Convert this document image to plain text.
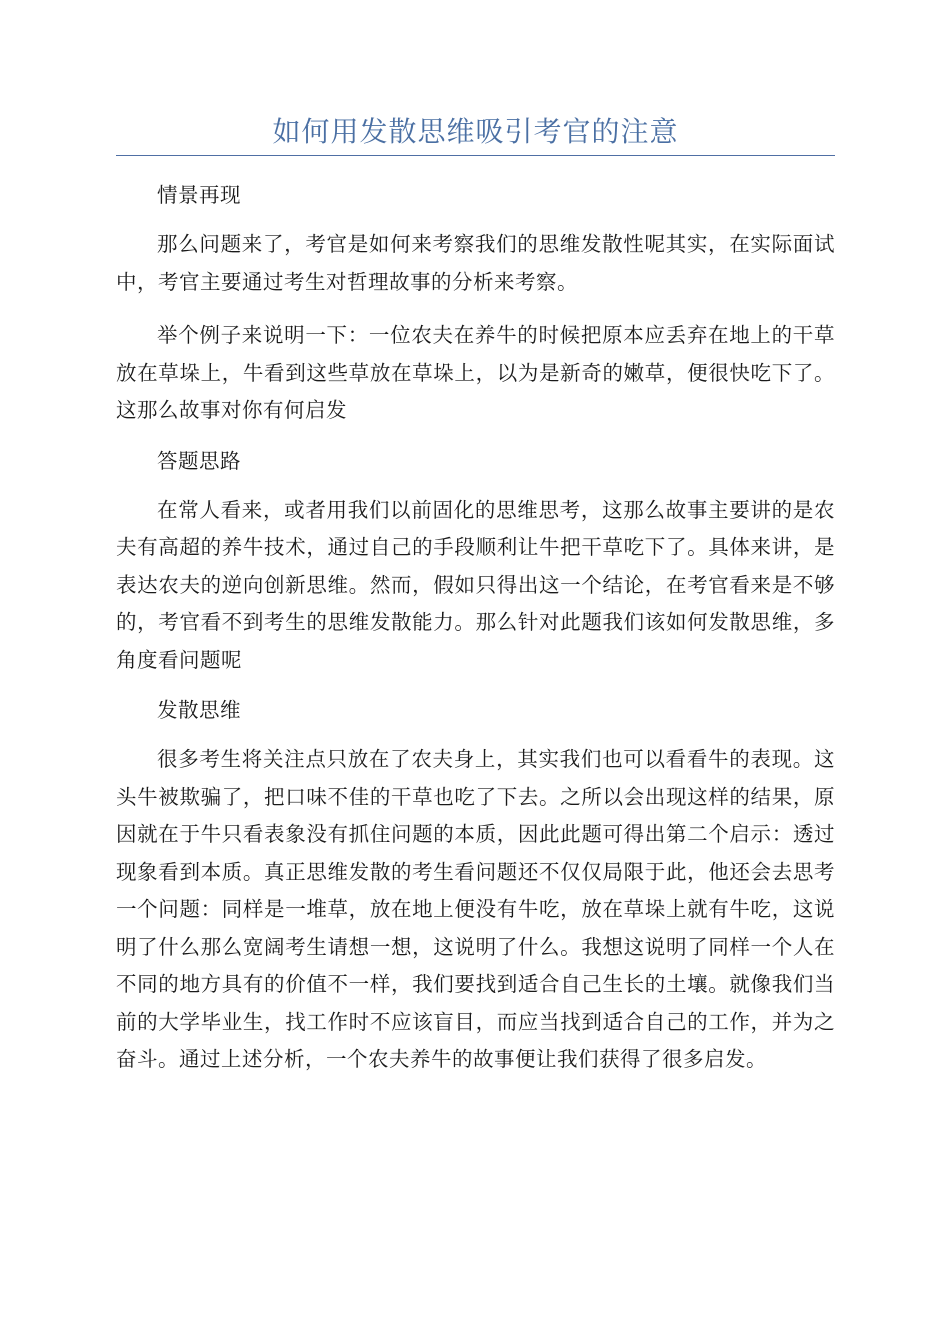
如何用发散思维吸引考官的注意

情景再现

那么问题来了，考官是如何来考察我们的思维发散性呢其实，在实际面试中，考官主要通过考生对哲理故事的分析来考察。

举个例子来说明一下：一位农夫在养牛的时候把原本应丢弃在地上的干草放在草垛上，牛看到这些草放在草垛上，以为是新奇的嫩草，便很快吃下了。这那么故事对你有何启发

答题思路

在常人看来，或者用我们以前固化的思维思考，这那么故事主要讲的是农夫有高超的养牛技术，通过自己的手段顺利让牛把干草吃下了。具体来讲，是表达农夫的逆向创新思维。然而，假如只得出这一个结论，在考官看来是不够的，考官看不到考生的思维发散能力。那么针对此题我们该如何发散思维，多角度看问题呢

发散思维

很多考生将关注点只放在了农夫身上，其实我们也可以看看牛的表现。这头牛被欺骗了，把口味不佳的干草也吃了下去。之所以会出现这样的结果，原因就在于牛只看表象没有抓住问题的本质，因此此题可得出第二个启示：透过现象看到本质。真正思维发散的考生看问题还不仅仅局限于此，他还会去思考一个问题：同样是一堆草，放在地上便没有牛吃，放在草垛上就有牛吃，这说明了什么那么宽阔考生请想一想，这说明了什么。我想这说明了同样一个人在不同的地方具有的价值不一样，我们要找到适合自己生长的土壤。就像我们当前的大学毕业生，找工作时不应该盲目，而应当找到适合自己的工作，并为之奋斗。通过上述分析，一个农夫养牛的故事便让我们获得了很多启发。
